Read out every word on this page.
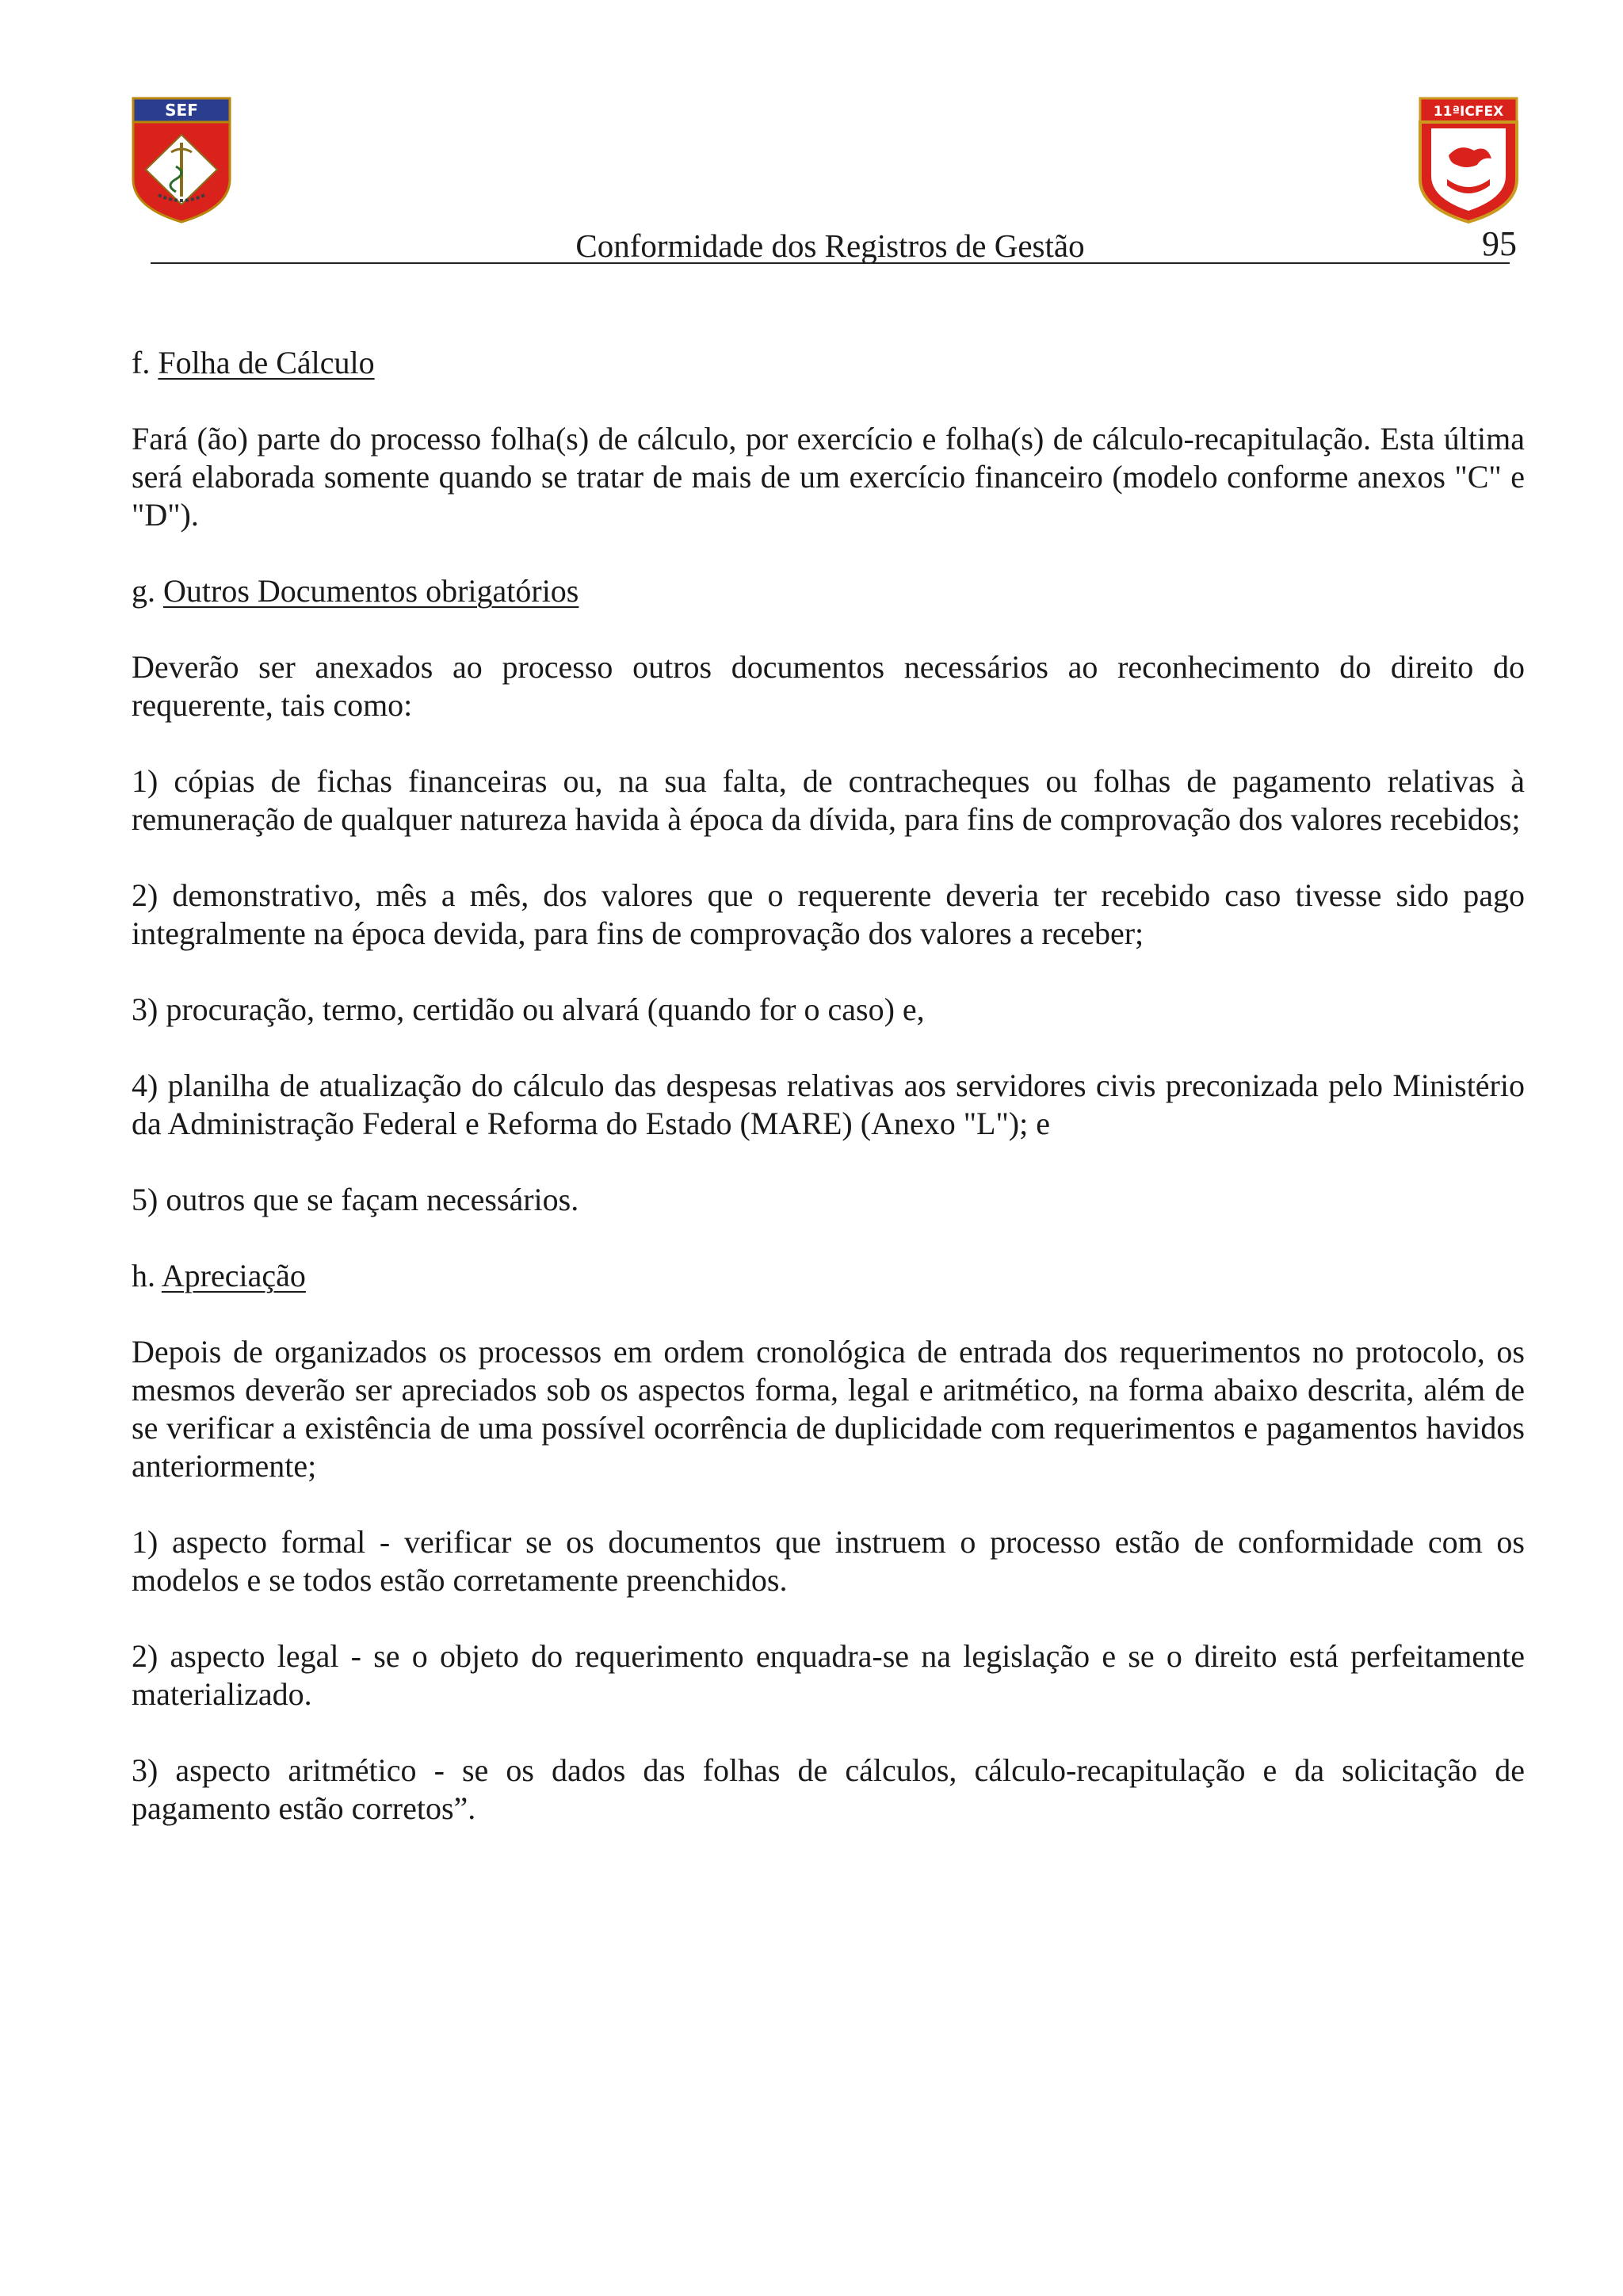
SEF	11ªICFEX
Conformidade dos Registros de Gestão	95

f. Folha de Cálculo

Fará (ão) parte do processo folha(s) de cálculo, por exercício e folha(s) de cálculo-recapitulação. Esta última será elaborada somente quando se tratar de mais de um exercício financeiro (modelo conforme anexos "C" e "D").

g. Outros Documentos obrigatórios

Deverão ser anexados ao processo outros documentos necessários ao reconhecimento do direito do requerente, tais como:

1) cópias de fichas financeiras ou, na sua falta, de contracheques ou folhas de pagamento relativas à remuneração de qualquer natureza havida à época da dívida, para fins de comprovação dos valores recebidos;

2) demonstrativo, mês a mês, dos valores que o requerente deveria ter recebido caso tivesse sido pago integralmente na época devida, para fins de comprovação dos valores a receber;

3) procuração, termo, certidão ou alvará (quando for o caso) e,

4) planilha de atualização do cálculo das despesas relativas aos servidores civis preconizada pelo Ministério da Administração Federal e Reforma do Estado (MARE) (Anexo "L"); e

5) outros que se façam necessários.

h. Apreciação

Depois de organizados os processos em ordem cronológica de entrada dos requerimentos no protocolo, os mesmos deverão ser apreciados sob os aspectos forma, legal e aritmético, na forma abaixo descrita, além de se verificar a existência de uma possível ocorrência de duplicidade com requerimentos e pagamentos havidos anteriormente;

1) aspecto formal - verificar se os documentos que instruem o processo estão de conformidade com os modelos e se todos estão corretamente preenchidos.

2) aspecto legal - se o objeto do requerimento enquadra-se na legislação e se o direito está perfeitamente materializado.

3) aspecto aritmético - se os dados das folhas de cálculos, cálculo-recapitulação e da solicitação de pagamento estão corretos”.
